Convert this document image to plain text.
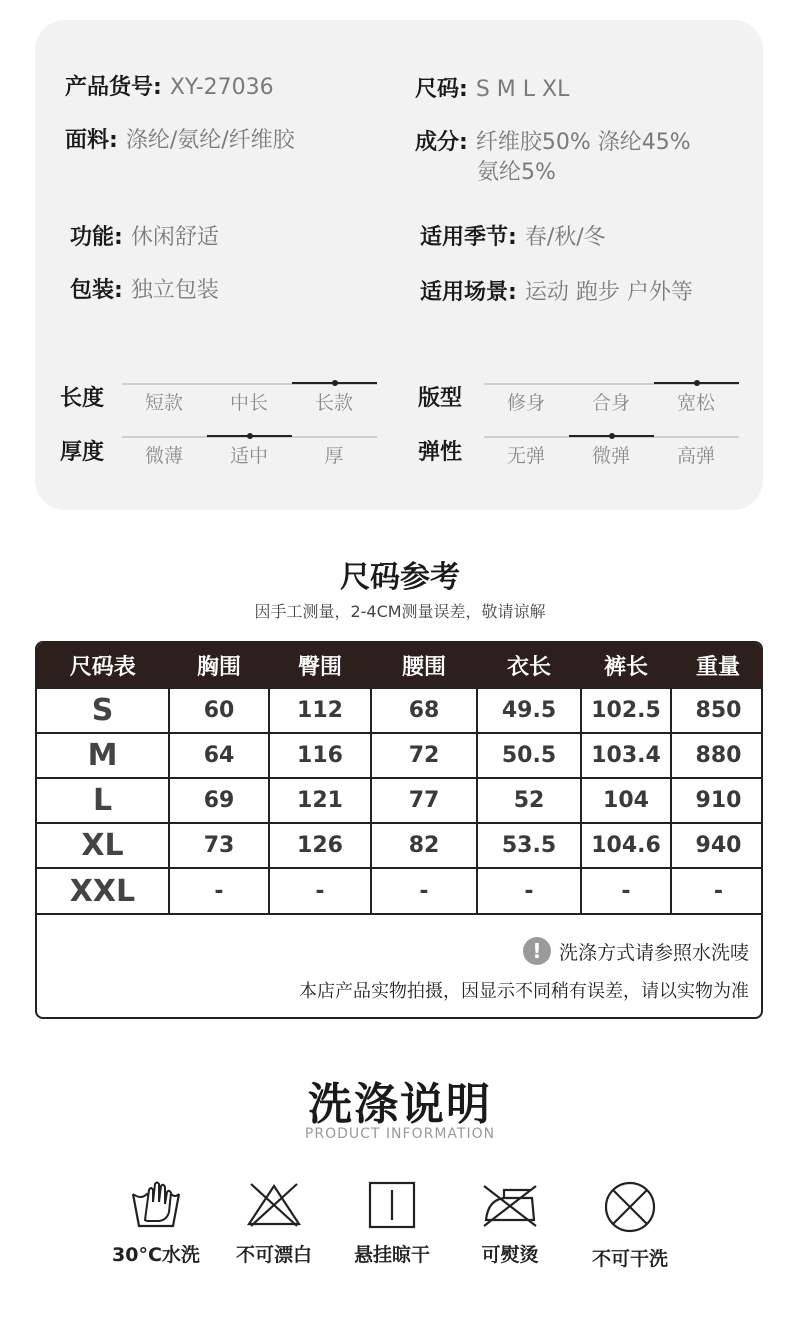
产品货号: XY-27036	尺码: S M L XL
面料: 涤纶/氨纶/纤维胶	成分: 纤维胶50% 涤纶45%
氨纶5%
功能: 休闲舒适	适用季节: 春/秋/冬
包装: 独立包装	适用场景: 运动 跑步 户外等
长度	短款	中长	长款	版型	修身	合身	宽松
厚度	微薄	适中	厚	弹性	无弹	微弹	高弹
尺码参考
因手工测量，2-4CM测量误差，敬请谅解
尺码表	胸围	臀围	腰围	衣长	裤长	重量
S	60	112	68	49.5	102.5	850
M	64	116	72	50.5	103.4	880
L	69	121	77	52	104	910
XL	73	126	82	53.5	104.6	940
XXL	-	-	-	-	-	-
! 洗涤方式请参照水洗唛
本店产品实物拍摄，因显示不同稍有误差，请以实物为准
洗涤说明
PRODUCT INFORMATION
30°C水洗	不可漂白	悬挂晾干	可熨烫	不可干洗
